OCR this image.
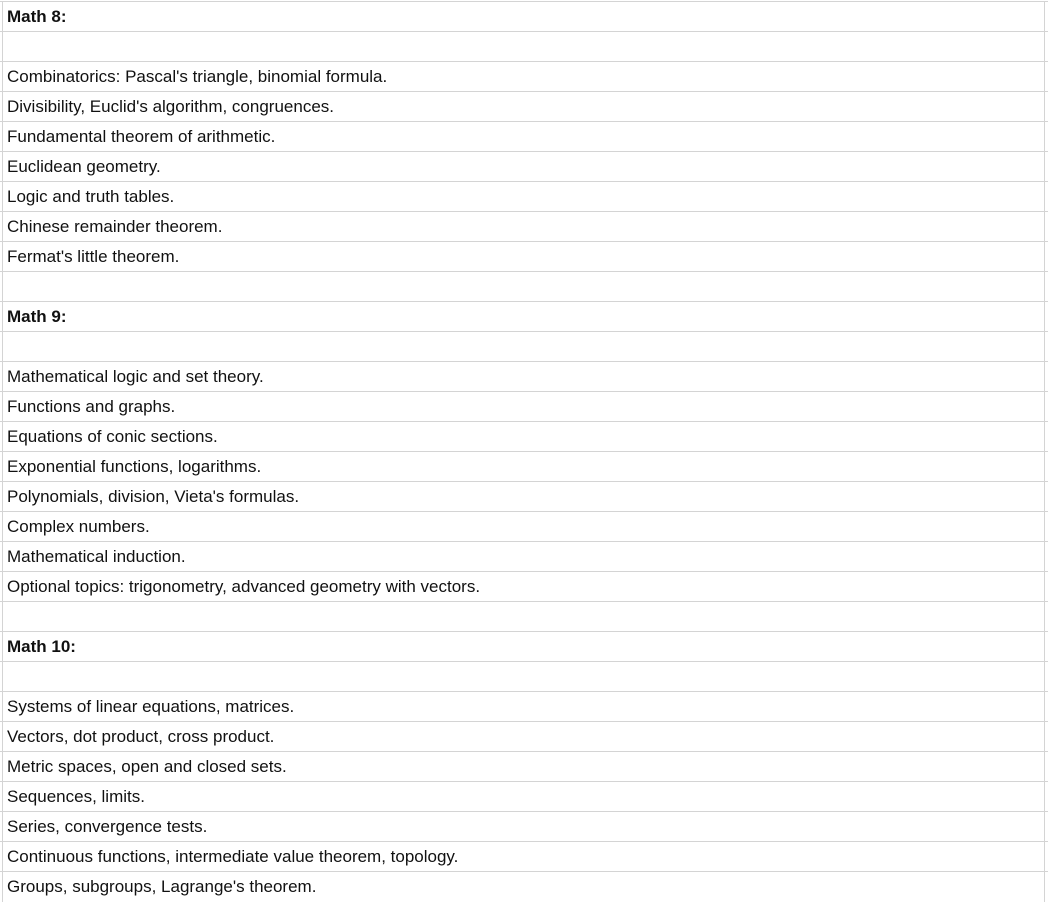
Math 8:
Combinatorics: Pascal's triangle, binomial formula.
Divisibility, Euclid's algorithm, congruences.
Fundamental theorem of arithmetic.
Euclidean geometry.
Logic and truth tables.
Chinese remainder theorem.
Fermat's little theorem.
Math 9:
Mathematical logic and set theory.
Functions and graphs.
Equations of conic sections.
Exponential functions, logarithms.
Polynomials, division, Vieta's formulas.
Complex numbers.
Mathematical induction.
Optional topics: trigonometry, advanced geometry with vectors.
Math 10:
Systems of linear equations, matrices.
Vectors, dot product, cross product.
Metric spaces, open and closed sets.
Sequences, limits.
Series, convergence tests.
Continuous functions, intermediate value theorem, topology.
Groups, subgroups, Lagrange's theorem.
